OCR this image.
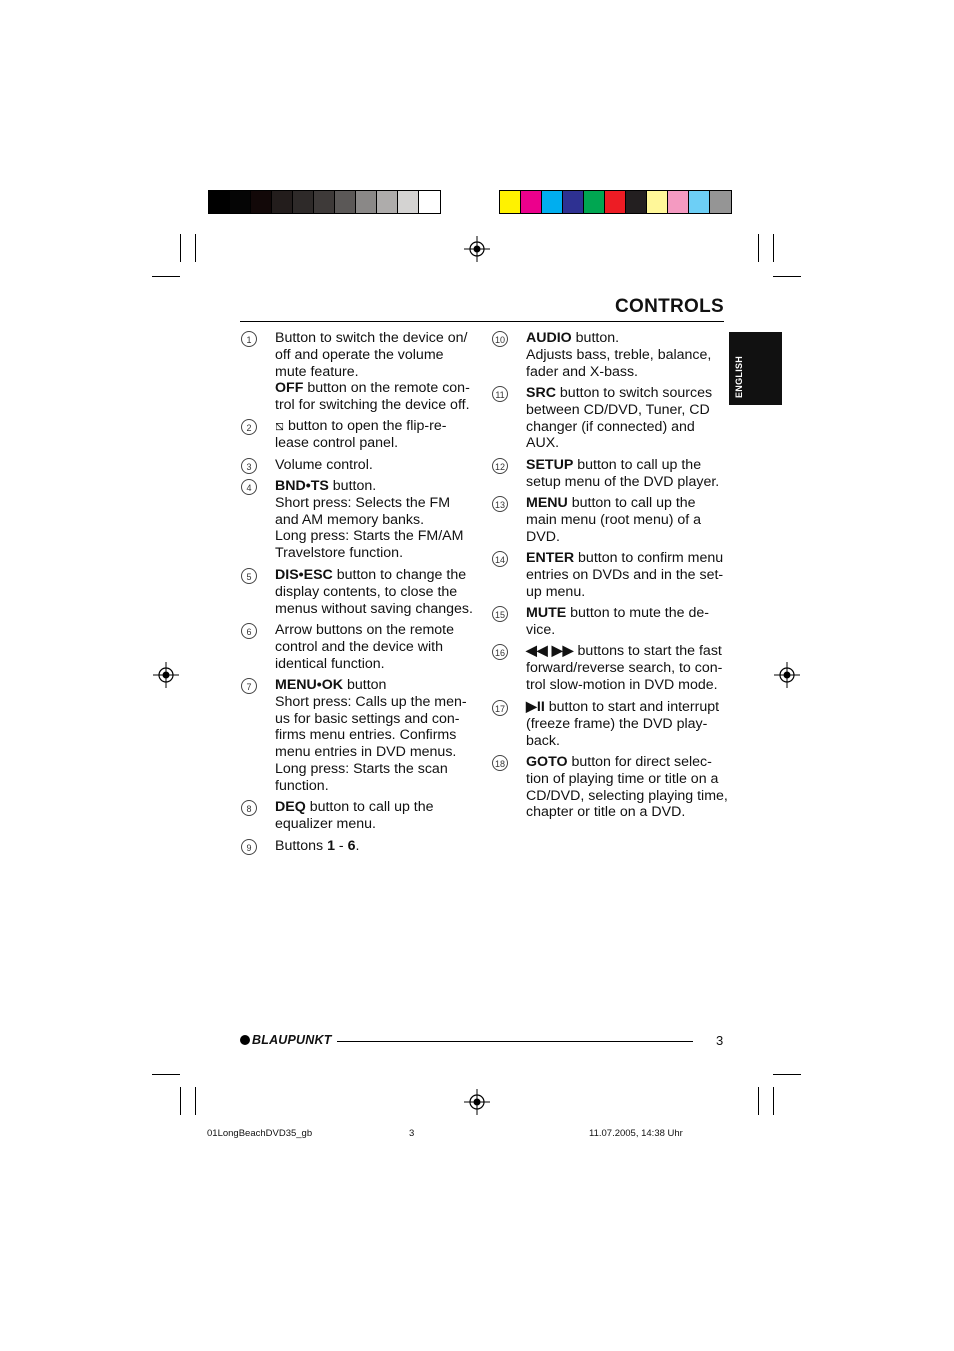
CONTROLS
ENGLISH
1	Button to switch the device on/
off and operate the volume
mute feature.
OFF button on the remote con-
trol for switching the device off.
2	⧅ button to open the flip-re-
lease control panel.
3	Volume control.
4	BND•TS button.
Short press: Selects the FM
and AM memory banks.
Long press: Starts the FM/AM
Travelstore function.
5	DIS•ESC button to change the
display contents, to close the
menus without saving changes.
6	Arrow buttons on the remote
control and the device with
identical function.
7	MENU•OK button
Short press: Calls up the men-
us for basic settings and con-
firms menu entries. Confirms
menu entries in DVD menus.
Long press: Starts the scan
function.
8	DEQ button to call up the
equalizer menu.
9	Buttons 1 - 6.
10 AUDIO button.
Adjusts bass, treble, balance,
fader and X-bass.
11 SRC button to switch sources
between CD/DVD, Tuner, CD
changer (if connected) and
AUX.
12 SETUP button to call up the
setup menu of the DVD player.
13 MENU button to call up the
main menu (root menu) of a
DVD.
14 ENTER button to confirm menu
entries on DVDs and in the set-
up menu.
15 MUTE button to mute the de-
vice.
16 ◀◀ ▶▶ buttons to start the fast
forward/reverse search, to con-
trol slow-motion in DVD mode.
17 ▶II button to start and interrupt
(freeze frame) the DVD play-
back.
18 GOTO button for direct selec-
tion of playing time or title on a
CD/DVD, selecting playing time,
chapter or title on a DVD.
BLAUPUNKT	3
01LongBeachDVD35_gb	3	11.07.2005, 14:38 Uhr
